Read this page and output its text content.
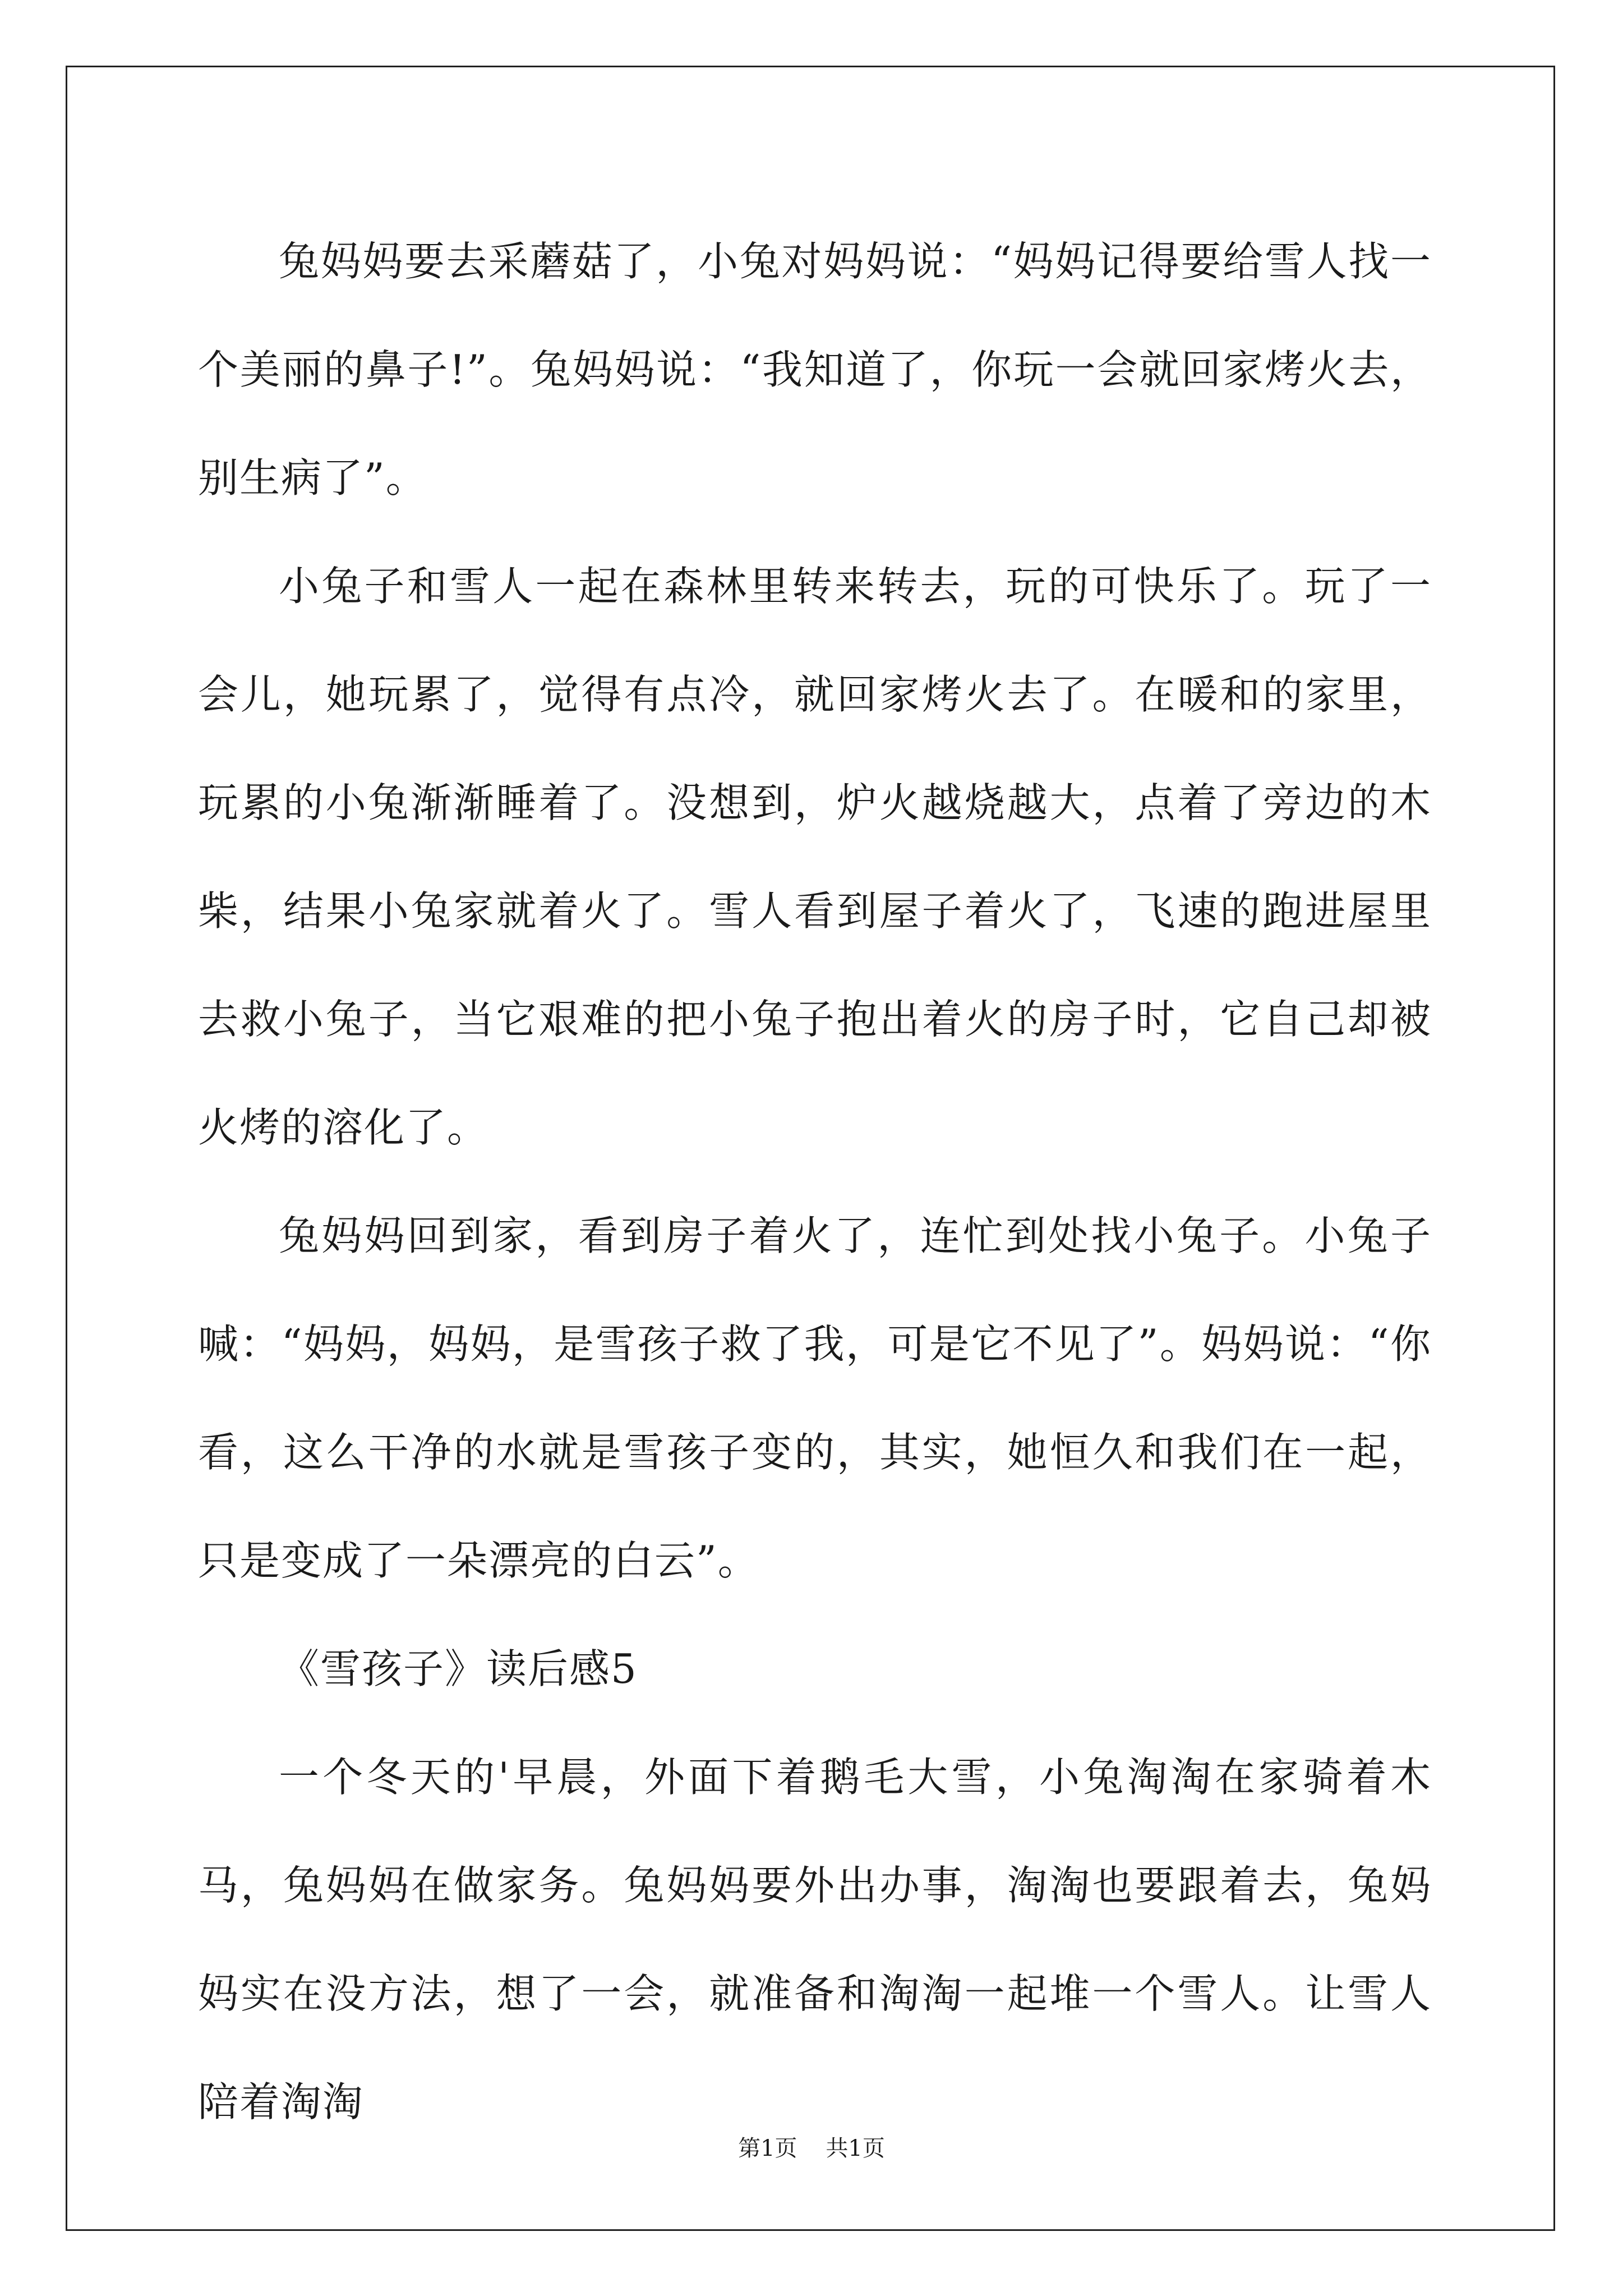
兔妈妈要去采蘑菇了，小兔对妈妈说：“妈妈记得要给雪人找一个美丽的鼻子!”。兔妈妈说：“我知道了，你玩一会就回家烤火去，别生病了”。

小兔子和雪人一起在森林里转来转去，玩的可快乐了。玩了一会儿，她玩累了，觉得有点冷，就回家烤火去了。在暖和的家里，玩累的小兔渐渐睡着了。没想到，炉火越烧越大，点着了旁边的木柴，结果小兔家就着火了。雪人看到屋子着火了，飞速的跑进屋里去救小兔子，当它艰难的把小兔子抱出着火的房子时，它自己却被火烤的溶化了。

兔妈妈回到家，看到房子着火了，连忙到处找小兔子。小兔子喊：“妈妈，妈妈，是雪孩子救了我，可是它不见了”。妈妈说：“你看，这么干净的水就是雪孩子变的，其实，她恒久和我们在一起，只是变成了一朵漂亮的白云”。

《雪孩子》读后感5

一个冬天的'早晨，外面下着鹅毛大雪，小兔淘淘在家骑着木马，兔妈妈在做家务。兔妈妈要外出办事，淘淘也要跟着去，兔妈妈实在没方法，想了一会，就准备和淘淘一起堆一个雪人。让雪人陪着淘淘

第1页 共1页
